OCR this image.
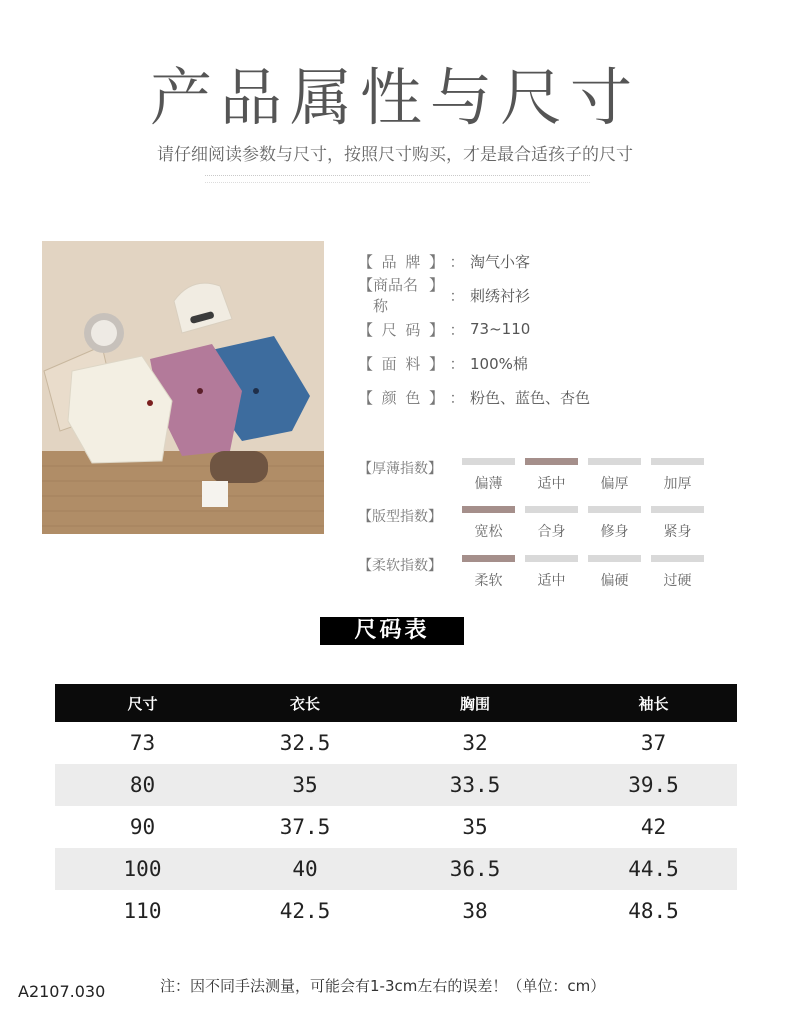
产品属性与尺寸
请仔细阅读参数与尺寸，按照尺寸购买，才是最合适孩子的尺寸
【 品 牌 】 ： 淘气小客
【 商品名称
】
： 刺绣衬衫
【 尺 码 】 ： 73~110
【 面 料 】 ： 100%棉
【 颜 色 】 ： 粉色、蓝色、杏色
【厚薄指数】
偏薄	适中	偏厚	加厚
【版型指数】
宽松	合身	修身	紧身
【柔软指数】
柔软	适中	偏硬	过硬
尺码表
尺寸	衣长	胸围	袖长
73	32.5	32	37
80	35	33.5	39.5
90	37.5	35	42
100	40	36.5	44.5
110	42.5	38	48.5
A2107.030	注：因不同手法测量，可能会有1-3cm左右的误差！（单位：cm）
